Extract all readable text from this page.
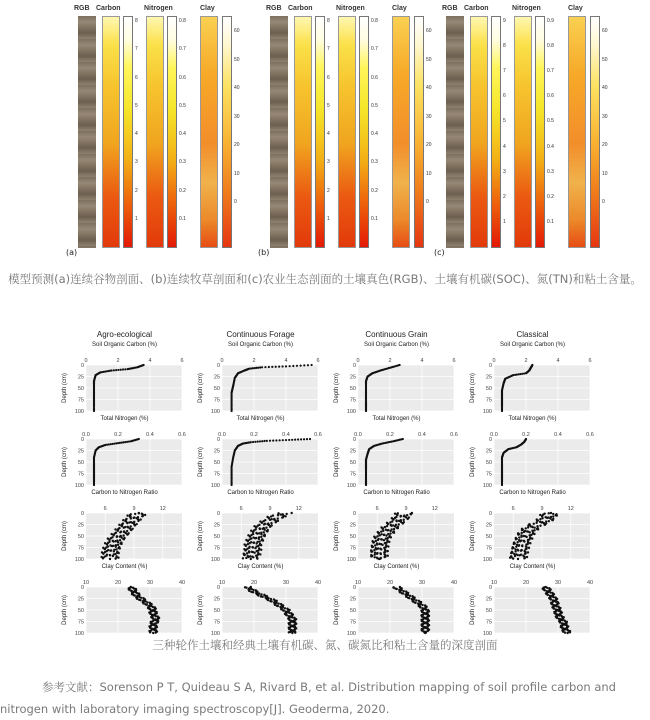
(a)
RGB Carbon	Nitrogen	Clay
8
7
6
5
4
3
2
1
0.8
0.7
0.6
0.5
0.4
0.3
0.2
0.1
60
50
40
30
20
10
0
(b)
RGB Carbon	Nitrogen	Clay
8
7
6
5
4
3
2
1
0.8
0.7
0.6
0.5
0.4
0.3
0.2
0.1
60
50
40
30
20
10
0
(c)
RGB Carbon	Nitrogen	Clay
9
8
7
6
5
4
3
2
1
0.9
0.8
0.7
0.6
0.5
0.4
0.3
0.2
0.1
60
50
40
30
20
10
0
模型预测(a)连续谷物剖面、(b)连续牧草剖面和(c)农业生态剖面的土壤真色(RGB)、土壤有机碳(SOC)、氮(TN)和粘土含量。
Agro-ecological	Continuous Forage	Continuous Grain	Classical
Soil Organic Carbon (%)
0	2	4	6
0
25
50
75
100
Depth (cm)
Soil Organic Carbon (%)
0	2	4	6
0
25
50
75
100
Depth (cm)
Soil Organic Carbon (%)
0	2	4	6
0
25
50
75
100
Depth (cm)
Soil Organic Carbon (%)
0	2	4	6
0
25
50
75
100
Depth (cm)
Total Nitrogen (%)
0.0	0.2	0.4	0.6
0
25
50
75
100
Depth (cm)
Total Nitrogen (%)
0.0	0.2	0.4	0.6
0
25
50
75
100
Depth (cm)
Total Nitrogen (%)
0.0	0.2	0.4	0.6
0
25
50
75
100
Depth (cm)
Total Nitrogen (%)
0.0	0.2	0.4	0.6
0
25
50
75
100
Depth (cm)
Carbon to Nitrogen Ratio
6	9	12
0
25
50
75
100
Depth (cm)
Carbon to Nitrogen Ratio
6	9	12
0
25
50
75
100
Depth (cm)
Carbon to Nitrogen Ratio
6	9	12
0
25
50
75
100
Depth (cm)
Carbon to Nitrogen Ratio
6	9	12
0
25
50
75
100
Depth (cm)
Clay Content (%)
10	20	30	40
0
25
50
75
100
Depth (cm)
Clay Content (%)
10	20	30	40
0
25
50
75
100
Depth (cm)
Clay Content (%)
10	20	30	40
0
25
50
75
100
Depth (cm)
Clay Content (%)
10	20	30	40
0
25
50
75
100
Depth (cm)
三种轮作土壤和经典土壤有机碳、氮、碳氮比和粘土含量的深度剖面
参考文献：Sorenson P T, Quideau S A, Rivard B, et al. Distribution mapping of soil profile carbon and nitrogen with laboratory imaging spectroscopy[J]. Geoderma, 2020.
